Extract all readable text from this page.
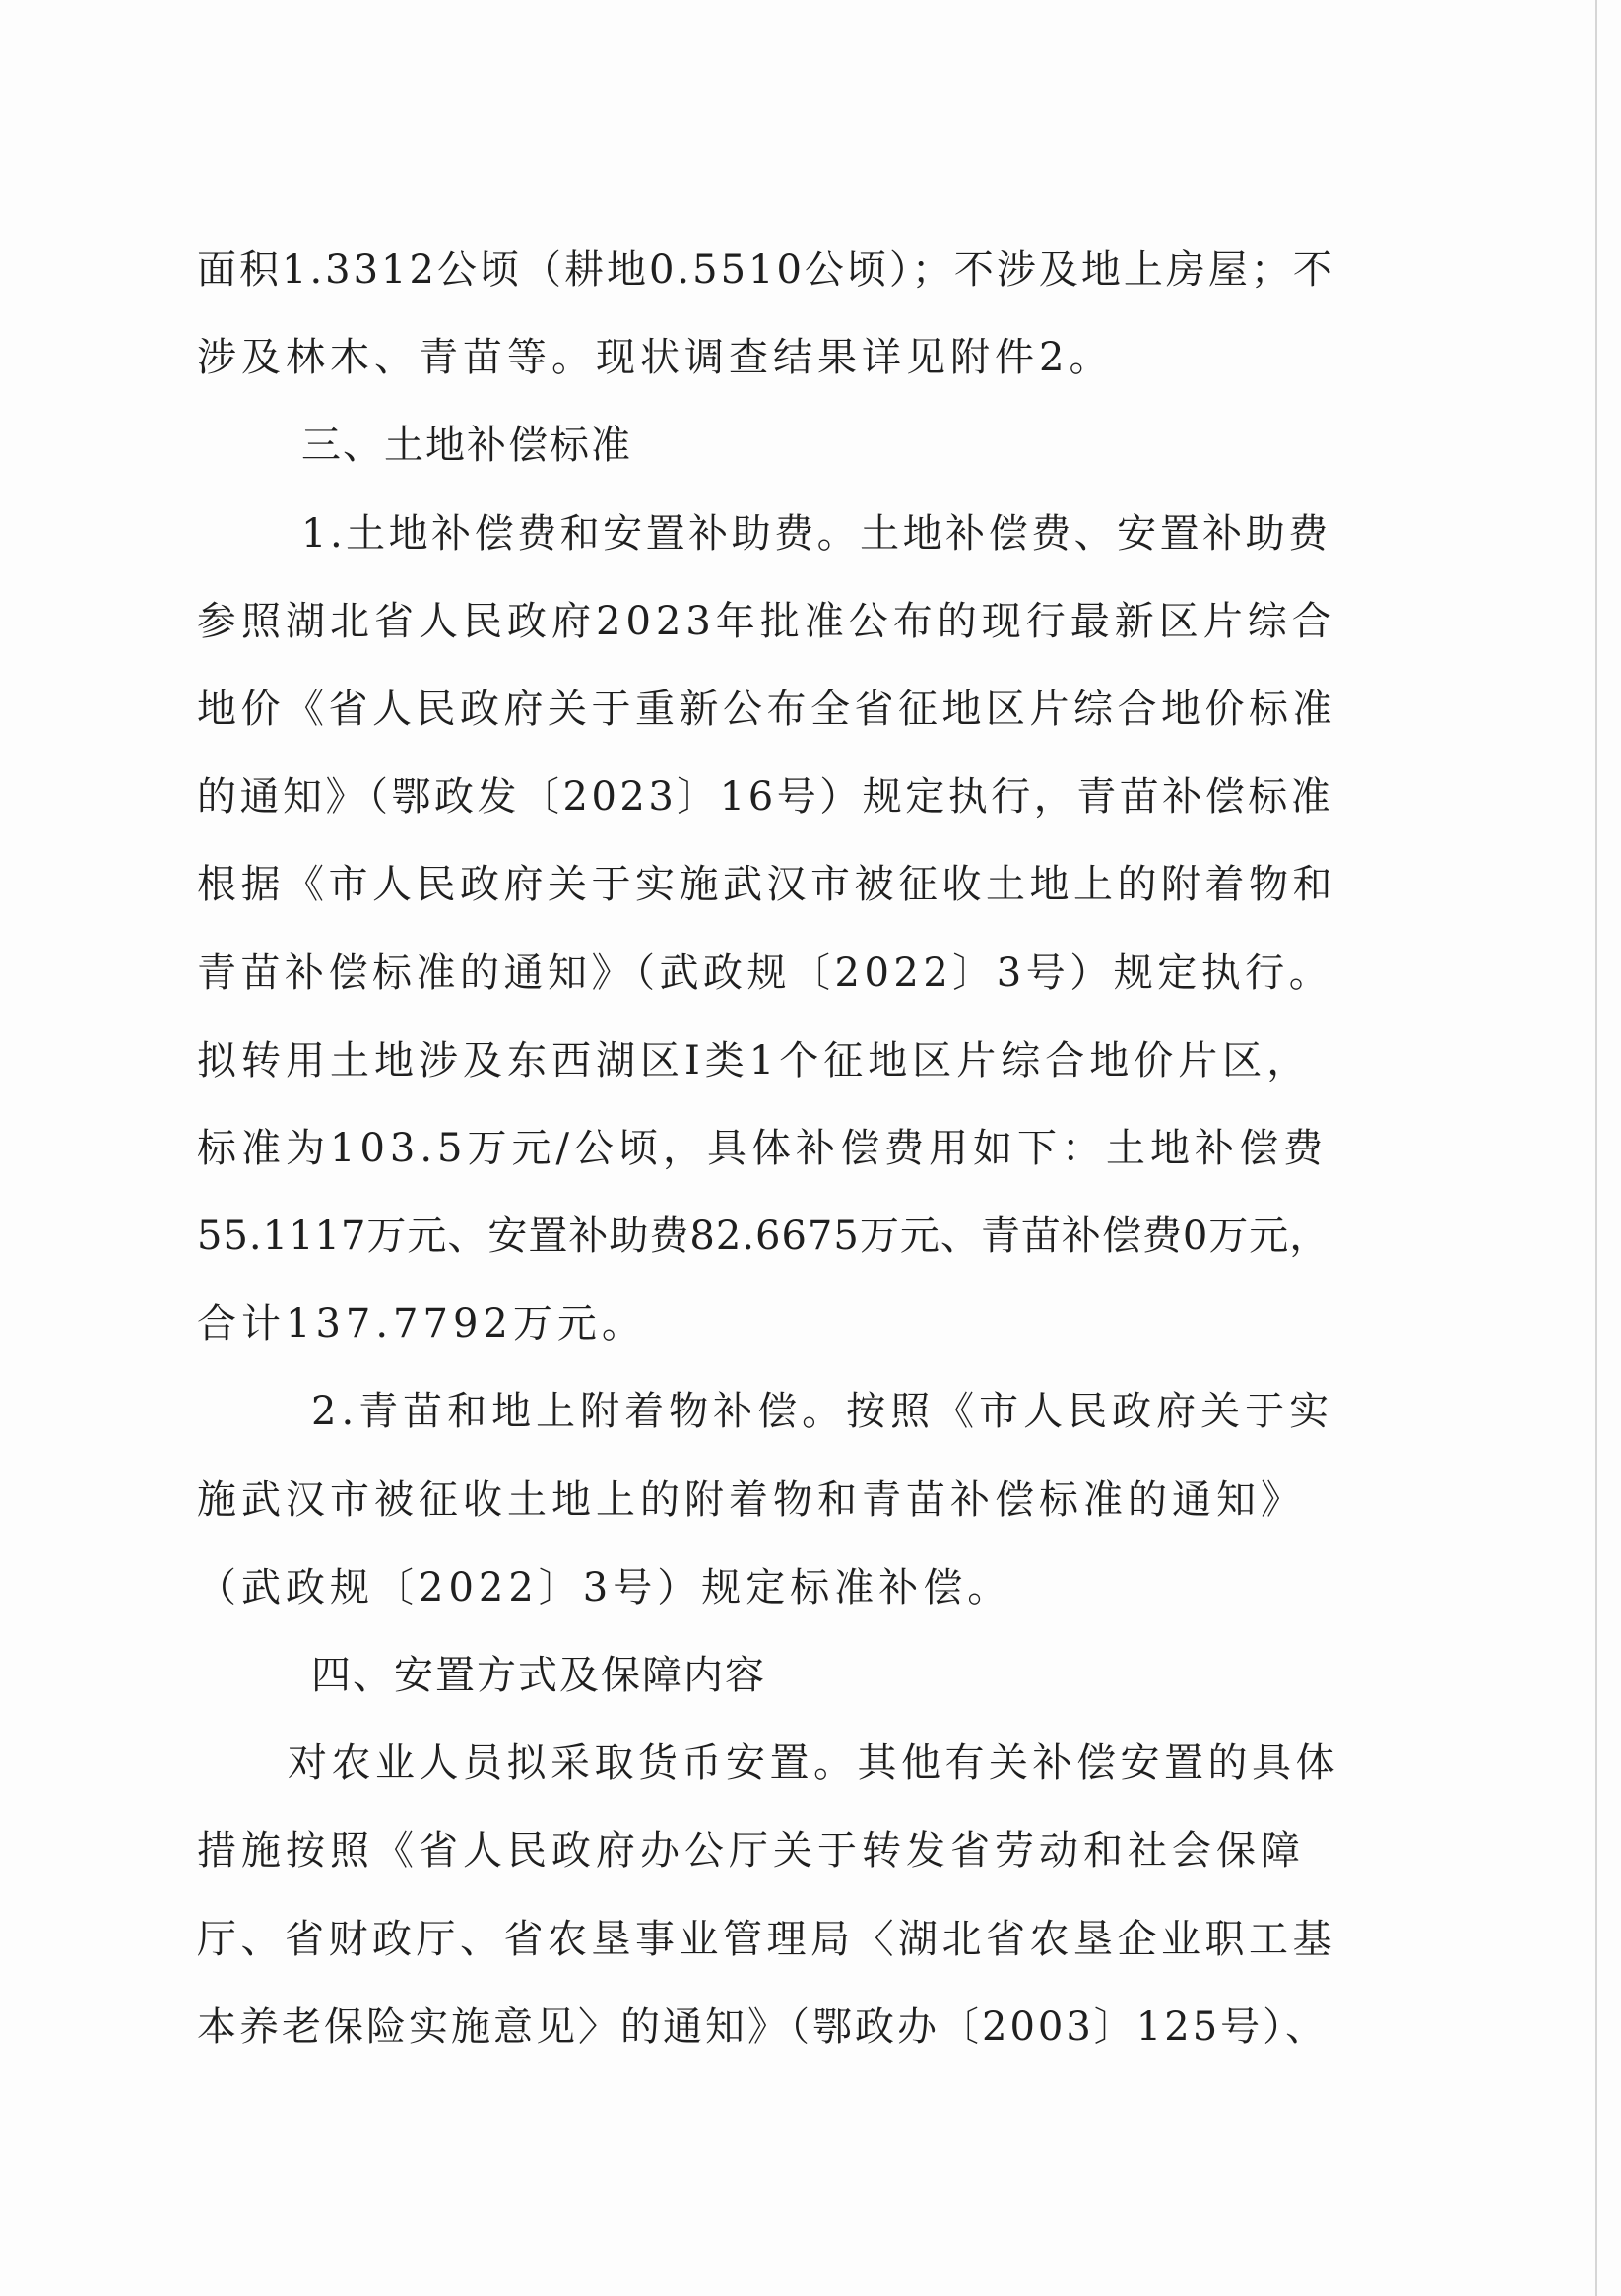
面积1.3312公顷（耕地0.5510公顷）；不涉及地上房屋；不
涉及林木、青苗等。现状调查结果详见附件2。
三、土地补偿标准
1.土地补偿费和安置补助费。土地补偿费、安置补助费
参照湖北省人民政府2023年批准公布的现行最新区片综合
地价《省人民政府关于重新公布全省征地区片综合地价标准
的通知》（鄂政发〔2023〕16号）规定执行，青苗补偿标准
根据《市人民政府关于实施武汉市被征收土地上的附着物和
青苗补偿标准的通知》（武政规〔2022〕3号）规定执行。
拟转用土地涉及东西湖区Ⅰ类1个征地区片综合地价片区，
标准为103.5万元/公顷，具体补偿费用如下：土地补偿费
55.1117万元、安置补助费82.6675万元、青苗补偿费0万元，
合计137.7792万元。
2.青苗和地上附着物补偿。按照《市人民政府关于实
施武汉市被征收土地上的附着物和青苗补偿标准的通知》
（武政规〔2022〕3号）规定标准补偿。
四、安置方式及保障内容
对农业人员拟采取货币安置。其他有关补偿安置的具体
措施按照《省人民政府办公厅关于转发省劳动和社会保障
厅、省财政厅、省农垦事业管理局〈湖北省农垦企业职工基
本养老保险实施意见〉的通知》（鄂政办〔2003〕125号）、
